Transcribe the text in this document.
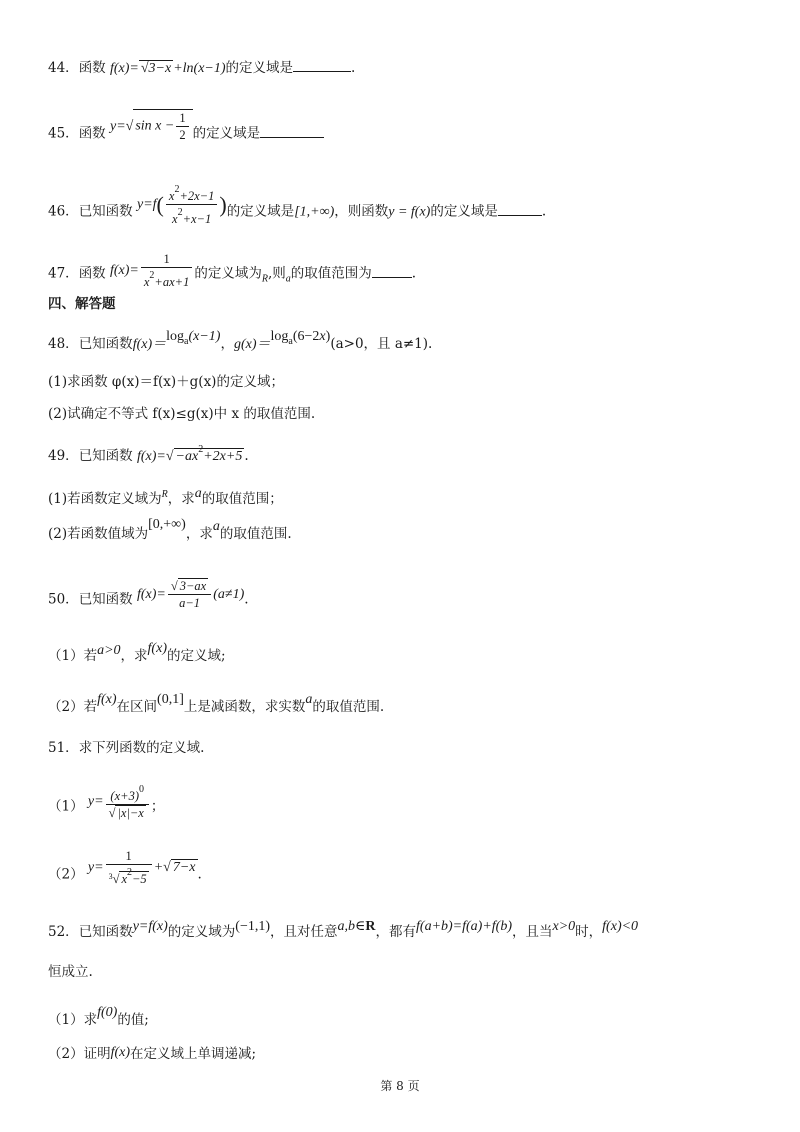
44．函数 f(x)= √3−x +ln(x−1)的定义域是	.
45．函数 y=√ $\sin x - \frac{1}{2}$ 的定义域是
46．已知函数 $y=f( \frac{x^2+2x-1}{x^2+x-1}$ )的定义域是[1,+∞)，则函数y = f(x)的定义域是	.
47．函数 $f(x)= \frac{1}{x^2+ax+1}$ 的定义域为$_R$,则$_a$的取值范围为	.
四、解答题
48．已知函数$f(x)=\log_a(x-1)$，$g(x)=\log_a(6-2x)(a>0$，且 a≠1).
(1)求函数 φ(x)＝f(x)＋g(x)的定义域；
(2)试确定不等式 f(x)≤g(x)中 x 的取值范围.
49．已知函数 $f(x)=√ -ax^2+2x+5$ .
(1)若函数定义域为$^R$，求a的取值范围；
(2)若函数值域为[0,+∞)，求a的取值范围.
50．已知函数 $f(x)= \frac{√ 3-ax}{a-1} (a\ne 1)$.
（1）若a>0，求f(x)的定义域;
（2）若f(x)在区间(0,1]上是减函数，求实数a的取值范围.
51．求下列函数的定义域.
（1） $y= \frac{(x+3)^0}{√ |x|-x}$ ；
（2） $y= \frac{1}{^3√ x^2-5}$ +√ 7−x .
52．已知函数y=f(x)的定义域为(−1,1)，且对任意a,b∈R，都有f(a+b)=f(a)+f(b)，且当x>0时，f(x)<0
恒成立.
（1）求f(0)的值;
（2）证明f(x)在定义域上单调递减;
第 8 页
